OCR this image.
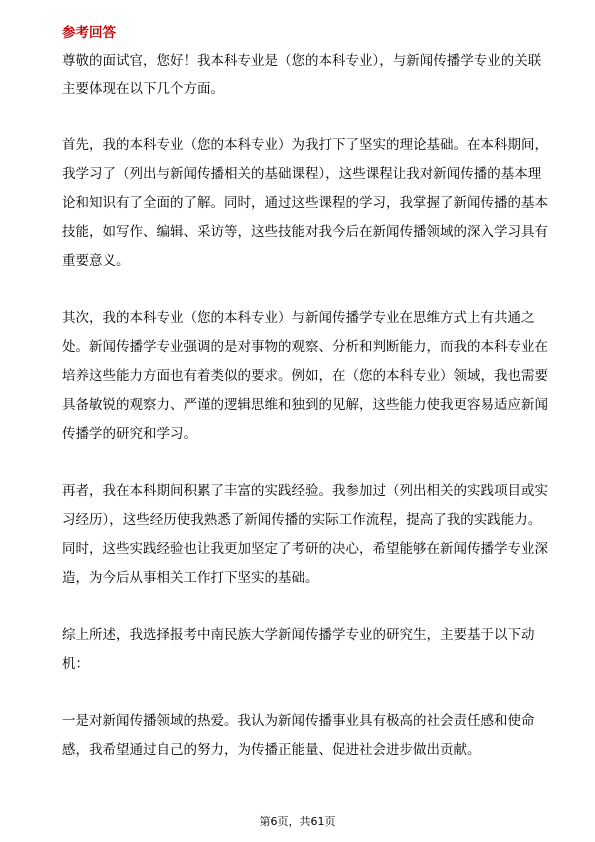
参考回答
尊敬的面试官，您好！我本科专业是（您的本科专业），与新闻传播学专业的关联
主要体现在以下几个方面。
首先，我的本科专业（您的本科专业）为我打下了坚实的理论基础。在本科期间，
我学习了（列出与新闻传播相关的基础课程），这些课程让我对新闻传播的基本理
论和知识有了全面的了解。同时，通过这些课程的学习，我掌握了新闻传播的基本
技能，如写作、编辑、采访等，这些技能对我今后在新闻传播领域的深入学习具有
重要意义。
其次，我的本科专业（您的本科专业）与新闻传播学专业在思维方式上有共通之
处。新闻传播学专业强调的是对事物的观察、分析和判断能力，而我的本科专业在
培养这些能力方面也有着类似的要求。例如，在（您的本科专业）领域，我也需要
具备敏锐的观察力、严谨的逻辑思维和独到的见解，这些能力使我更容易适应新闻
传播学的研究和学习。
再者，我在本科期间积累了丰富的实践经验。我参加过（列出相关的实践项目或实
习经历），这些经历使我熟悉了新闻传播的实际工作流程，提高了我的实践能力。
同时，这些实践经验也让我更加坚定了考研的决心，希望能够在新闻传播学专业深
造，为今后从事相关工作打下坚实的基础。
综上所述，我选择报考中南民族大学新闻传播学专业的研究生，主要基于以下动
机：
一是对新闻传播领域的热爱。我认为新闻传播事业具有极高的社会责任感和使命
感，我希望通过自己的努力，为传播正能量、促进社会进步做出贡献。
第6页，共61页
